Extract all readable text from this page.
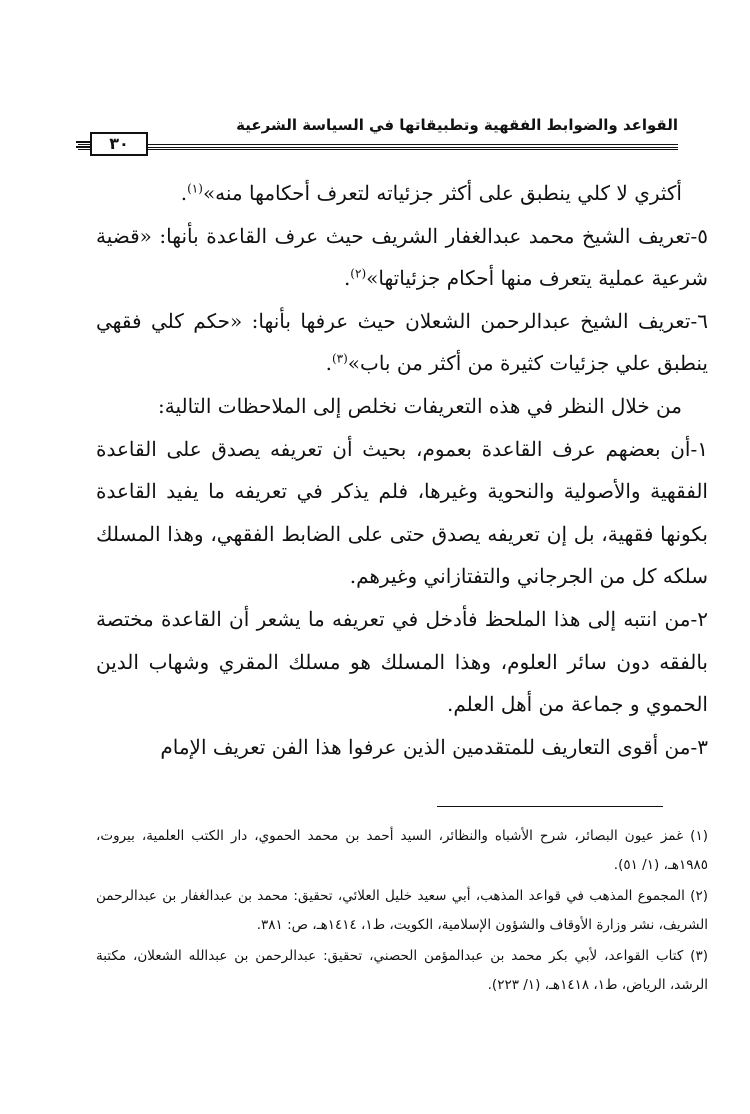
القواعد والضوابط الفقهية وتطبيقاتها في السياسة الشرعية
٣٠

أكثري لا كلي ينطبق على أكثر جزئياته لتعرف أحكامها منه»$^{(١)}$.

٥-تعريف الشيخ محمد عبدالغفار الشريف حيث عرف القاعدة بأنها: «قضية شرعية عملية يتعرف منها أحكام جزئياتها»$^{(٢)}$.

٦-تعريف الشيخ عبدالرحمن الشعلان حيث عرفها بأنها: «حكم كلي فقهي ينطبق علي جزئيات كثيرة من أكثر من باب»$^{(٣)}$.

من خلال النظر في هذه التعريفات نخلص إلى الملاحظات التالية:

١-أن بعضهم عرف القاعدة بعموم، بحيث أن تعريفه يصدق على القاعدة الفقهية والأصولية والنحوية وغيرها، فلم يذكر في تعريفه ما يفيد القاعدة بكونها فقهية، بل إن تعريفه يصدق حتى على الضابط الفقهي، وهذا المسلك سلكه كل من الجرجاني والتفتازاني وغيرهم.

٢-من انتبه إلى هذا الملحظ فأدخل في تعريفه ما يشعر أن القاعدة مختصة بالفقه دون سائر العلوم، وهذا المسلك هو مسلك المقري وشهاب الدين الحموي و جماعة من أهل العلم.

٣-من أقوى التعاريف للمتقدمين الذين عرفوا هذا الفن تعريف الإمام

(١) غمز عيون البصائر، شرح الأشباه والنظائر، السيد أحمد بن محمد الحموي، دار الكتب العلمية، بيروت، ١٩٨٥هـ، (١/ ٥١).

(٢) المجموع المذهب في قواعد المذهب، أبي سعيد خليل العلائي، تحقيق: محمد بن عبدالغفار بن عبدالرحمن الشريف، نشر وزارة الأوقاف والشؤون الإسلامية، الكويت، ط١، ١٤١٤هـ، ص: ٣٨١.

(٣) كتاب القواعد، لأبي بكر محمد بن عبدالمؤمن الحصني، تحقيق: عبدالرحمن بن عبدالله الشعلان، مكتبة الرشد، الرياض، ط١، ١٤١٨هـ، (١/ ٢٢٣).
